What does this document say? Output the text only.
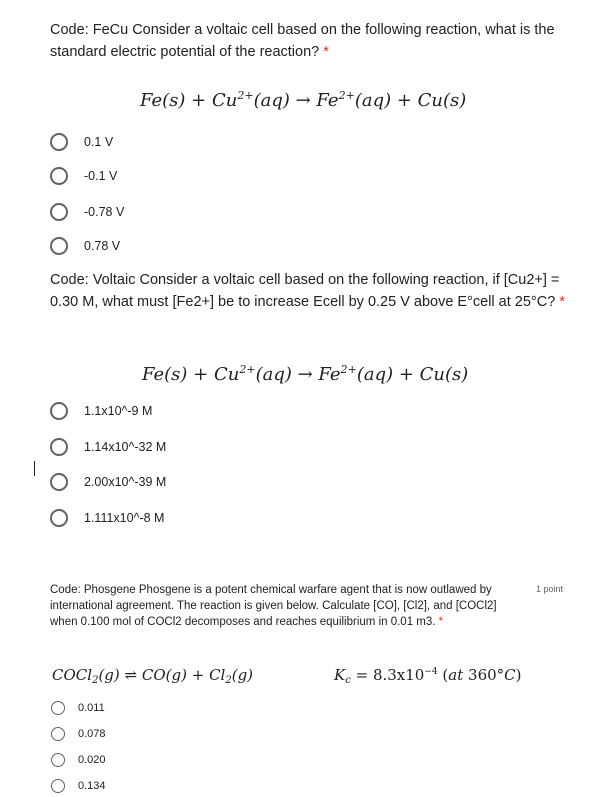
Code: FeCu Consider a voltaic cell based on the following reaction, what is the standard electric potential of the reaction? *
$Fe(s) + Cu^{2+}(aq) \to Fe^{2+}(aq) + Cu(s)$
0.1 V
-0.1 V
-0.78 V
0.78 V
Code: Voltaic Consider a voltaic cell based on the following reaction, if [Cu2+] = 0.30 M, what must [Fe2+] be to increase Ecell by 0.25 V above E°cell at 25°C? *
$Fe(s) + Cu^{2+}(aq) \to Fe^{2+}(aq) + Cu(s)$
1.1x10^-9 M
1.14x10^-32 M
2.00x10^-39 M
1.111x10^-8 M
Code: Phosgene Phosgene is a potent chemical warfare agent that is now outlawed by international agreement. The reaction is given below. Calculate [CO], [Cl2], and [COCl2] when 0.100 mol of COCl2 decomposes and reaches equilibrium in 0.01 m3. *
1 point
COCl$_2$(g) ⇌ $CO(g) + Cl_2(g)$	$K_c = 8.3x10^{-4}$ (at 360°C)
0.011
0.078
0.020
0.134
